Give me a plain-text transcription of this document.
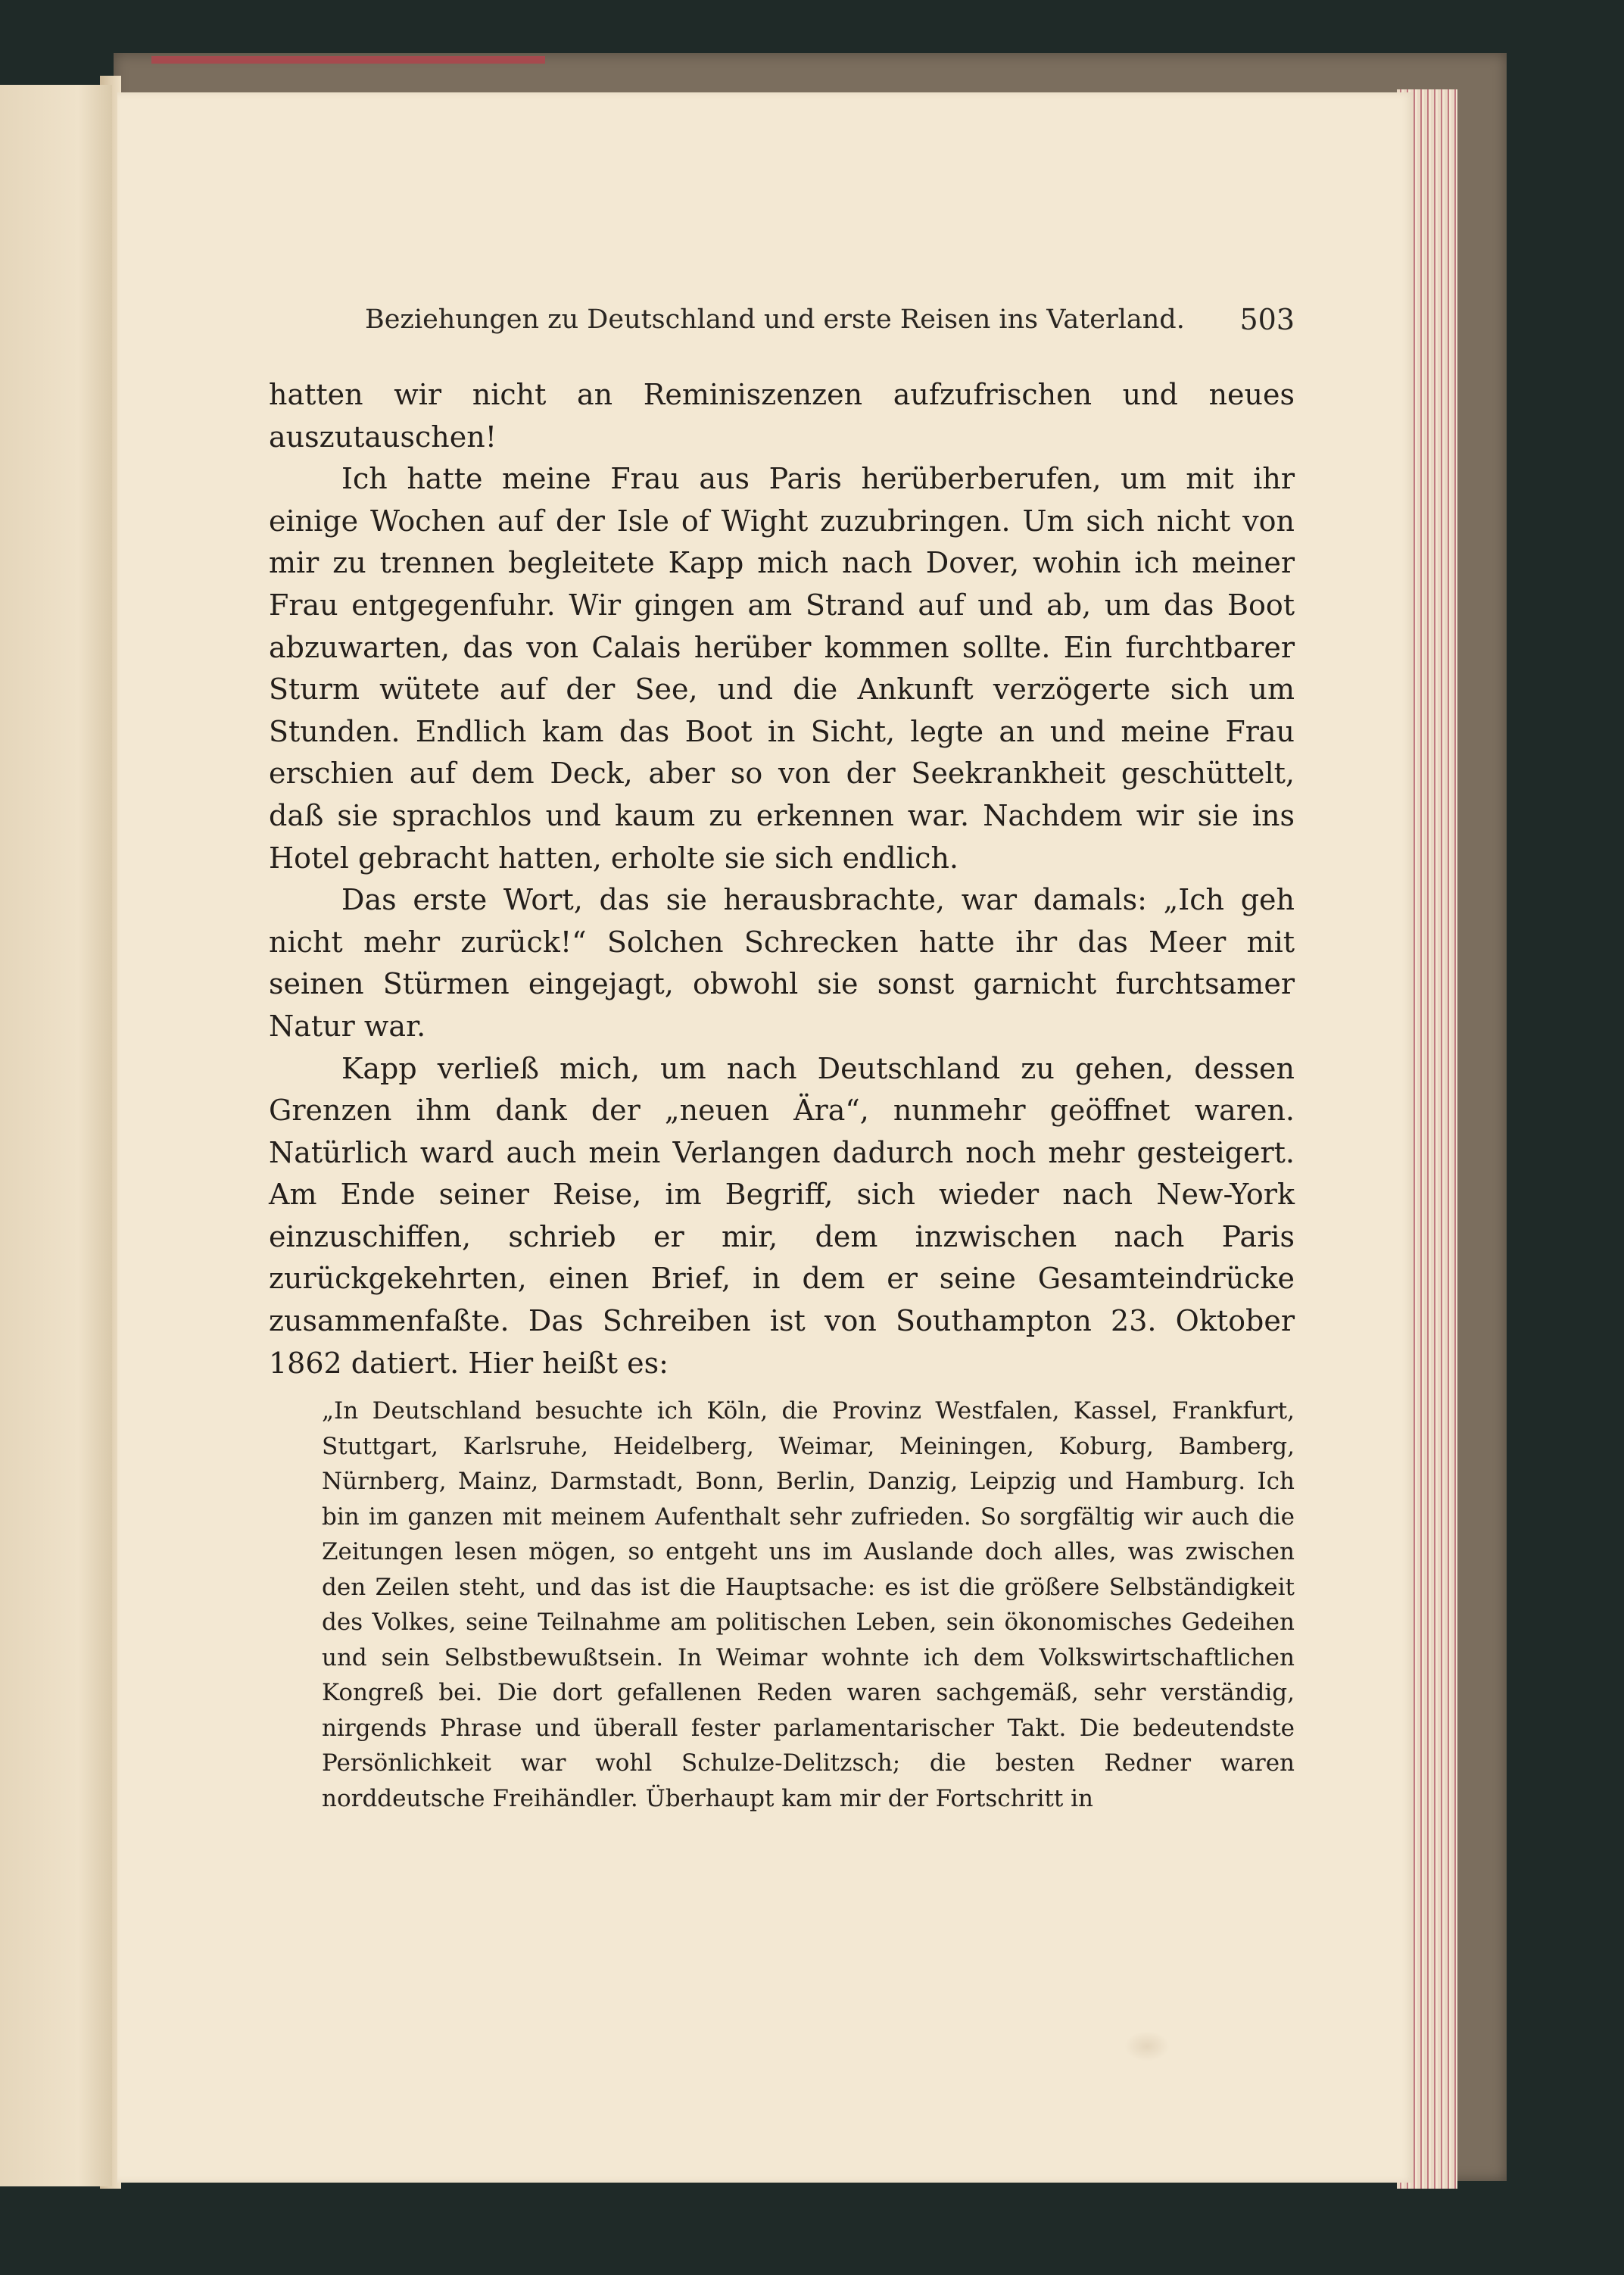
Beziehungen zu Deutschland und erste Reisen ins Vaterland.	503

hatten wir nicht an Reminiszenzen aufzufrischen und neues auszutauschen!

Ich hatte meine Frau aus Paris herüberberufen, um mit ihr einige Wochen auf der Isle of Wight zuzubringen. Um sich nicht von mir zu trennen begleitete Kapp mich nach Dover, wohin ich meiner Frau entgegenfuhr. Wir gingen am Strand auf und ab, um das Boot abzuwarten, das von Calais herüber kommen sollte. Ein furchtbarer Sturm wütete auf der See, und die Ankunft verzögerte sich um Stunden. Endlich kam das Boot in Sicht, legte an und meine Frau erschien auf dem Deck, aber so von der Seekrankheit geschüttelt, daß sie sprachlos und kaum zu erkennen war. Nachdem wir sie ins Hotel gebracht hatten, erholte sie sich endlich.

Das erste Wort, das sie herausbrachte, war damals: „Ich geh nicht mehr zurück!“ Solchen Schrecken hatte ihr das Meer mit seinen Stürmen eingejagt, obwohl sie sonst garnicht furchtsamer Natur war.

Kapp verließ mich, um nach Deutschland zu gehen, dessen Grenzen ihm dank der „neuen Ära“, nunmehr geöffnet waren. Natürlich ward auch mein Verlangen dadurch noch mehr gesteigert. Am Ende seiner Reise, im Begriff, sich wieder nach New-York einzuschiffen, schrieb er mir, dem inzwischen nach Paris zurückgekehrten, einen Brief, in dem er seine Gesamteindrücke zusammenfaßte. Das Schreiben ist von Southampton 23. Oktober 1862 datiert. Hier heißt es:

„In Deutschland besuchte ich Köln, die Provinz Westfalen, Kassel, Frankfurt, Stuttgart, Karlsruhe, Heidelberg, Weimar, Meiningen, Koburg, Bamberg, Nürnberg, Mainz, Darmstadt, Bonn, Berlin, Danzig, Leipzig und Hamburg. Ich bin im ganzen mit meinem Aufenthalt sehr zufrieden. So sorgfältig wir auch die Zeitungen lesen mögen, so entgeht uns im Auslande doch alles, was zwischen den Zeilen steht, und das ist die Hauptsache: es ist die größere Selbständigkeit des Volkes, seine Teilnahme am politischen Leben, sein ökonomisches Gedeihen und sein Selbstbewußtsein. In Weimar wohnte ich dem Volkswirtschaftlichen Kongreß bei. Die dort gefallenen Reden waren sachgemäß, sehr verständig, nirgends Phrase und überall fester parlamentarischer Takt. Die bedeutendste Persönlichkeit war wohl Schulze-Delitzsch; die besten Redner waren norddeutsche Freihändler. Überhaupt kam mir der Fortschritt in
